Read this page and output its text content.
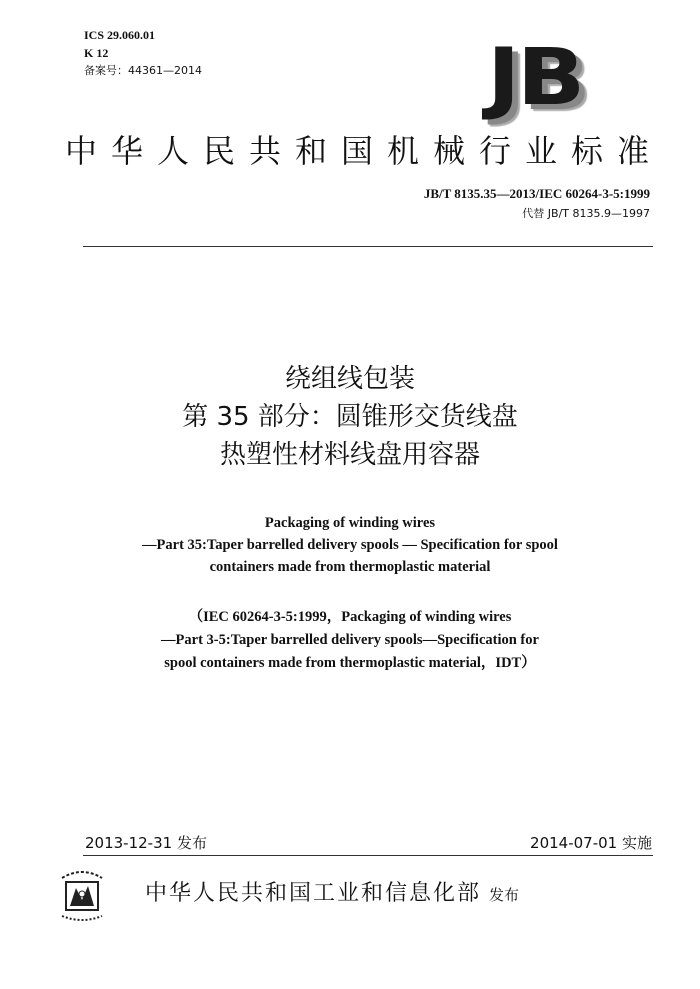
ICS 29.060.01
K 12
备案号：44361—2014	JB
中华人民共和国机械行业标准
JB/T 8135.35—2013/IEC 60264-3-5:1999
代替 JB/T 8135.9—1997
绕组线包装
第 35 部分：圆锥形交货线盘
热塑性材料线盘用容器
Packaging of winding wires
—Part 35:Taper barrelled delivery spools — Specification for spool
containers made from thermoplastic material
（IEC 60264-3-5:1999，Packaging of winding wires
—Part 3-5:Taper barrelled delivery spools—Specification for
spool containers made from thermoplastic material，IDT）
2013-12-31 发布	2014-07-01 实施
中华人民共和国工业和信息化部 发布
